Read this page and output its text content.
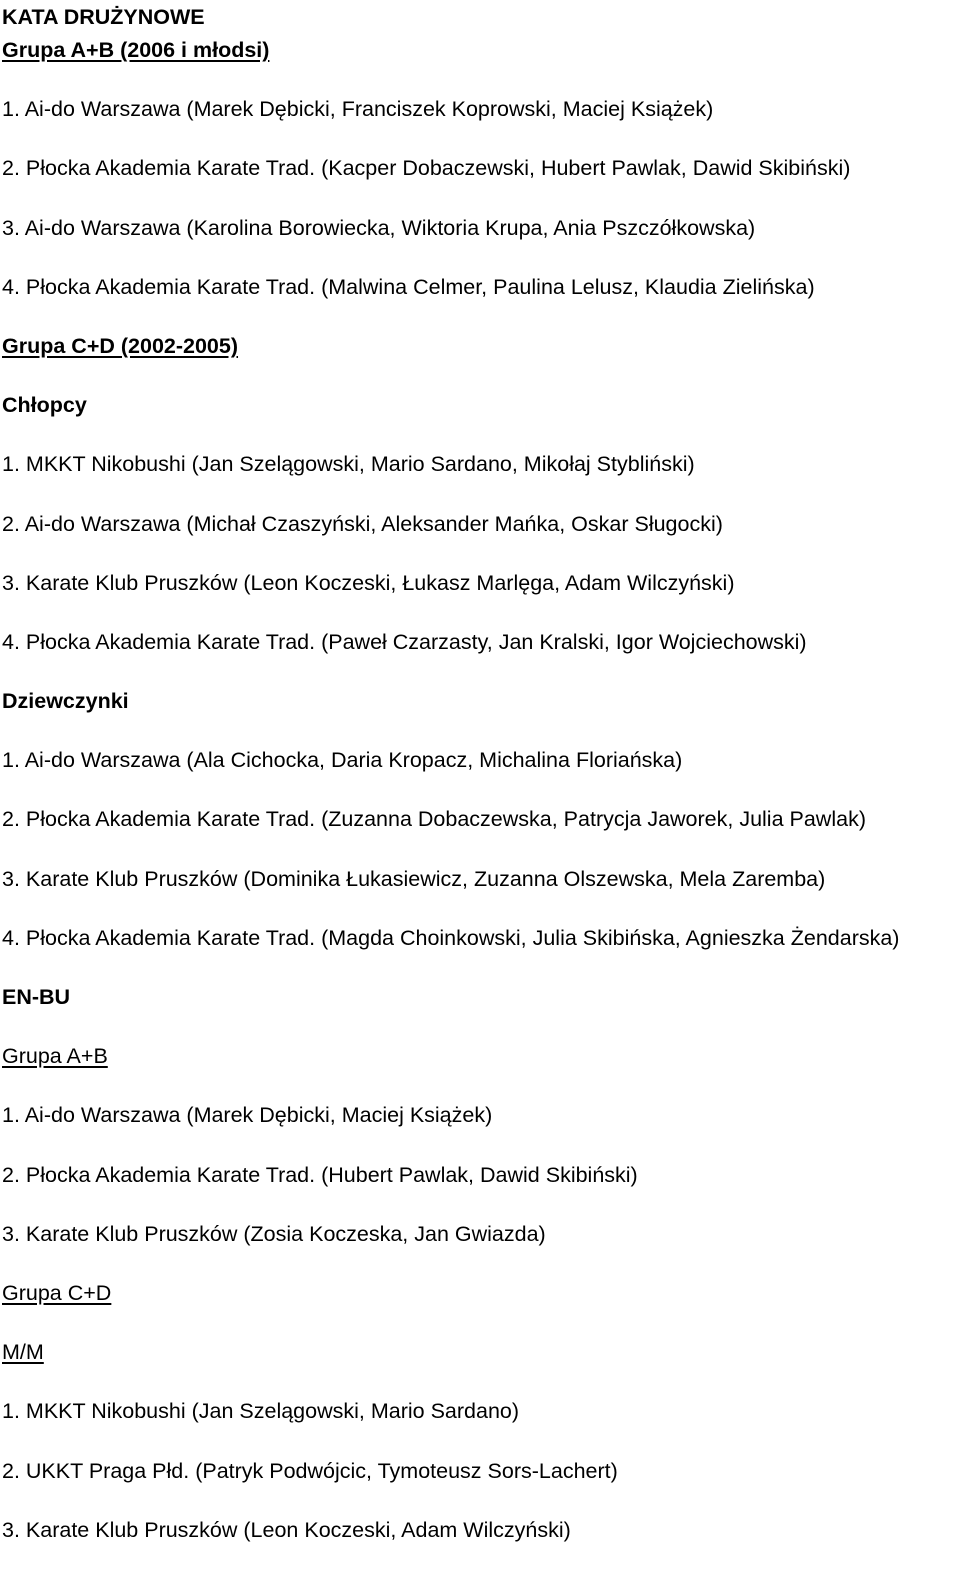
KATA DRUŻYNOWE
Grupa A+B (2006 i młodsi)
1. Ai-do Warszawa (Marek Dębicki, Franciszek Koprowski, Maciej Książek)
2. Płocka Akademia Karate Trad. (Kacper Dobaczewski, Hubert Pawlak, Dawid Skibiński)
3. Ai-do Warszawa (Karolina Borowiecka, Wiktoria Krupa, Ania Pszczółkowska)
4. Płocka Akademia Karate Trad. (Malwina Celmer, Paulina Lelusz, Klaudia Zielińska)
Grupa C+D (2002-2005)
Chłopcy
1. MKKT Nikobushi (Jan Szelągowski, Mario Sardano, Mikołaj Stybliński)
2. Ai-do Warszawa (Michał Czaszyński, Aleksander Mańka, Oskar Sługocki)
3. Karate Klub Pruszków (Leon Koczeski, Łukasz Marlęga, Adam Wilczyński)
4. Płocka Akademia Karate Trad. (Paweł Czarzasty, Jan Kralski, Igor Wojciechowski)
Dziewczynki
1. Ai-do Warszawa (Ala Cichocka, Daria Kropacz, Michalina Floriańska)
2. Płocka Akademia Karate Trad. (Zuzanna Dobaczewska, Patrycja Jaworek, Julia Pawlak)
3. Karate Klub Pruszków (Dominika Łukasiewicz, Zuzanna Olszewska, Mela Zaremba)
4. Płocka Akademia Karate Trad. (Magda Choinkowski, Julia Skibińska, Agnieszka Żendarska)
EN-BU
Grupa A+B
1. Ai-do Warszawa (Marek Dębicki, Maciej Książek)
2. Płocka Akademia Karate Trad. (Hubert Pawlak, Dawid Skibiński)
3. Karate Klub Pruszków (Zosia Koczeska, Jan Gwiazda)
Grupa C+D
M/M
1. MKKT Nikobushi (Jan Szelągowski, Mario Sardano)
2. UKKT Praga Płd. (Patryk Podwójcic, Tymoteusz Sors-Lachert)
3. Karate Klub Pruszków (Leon Koczeski, Adam Wilczyński)
